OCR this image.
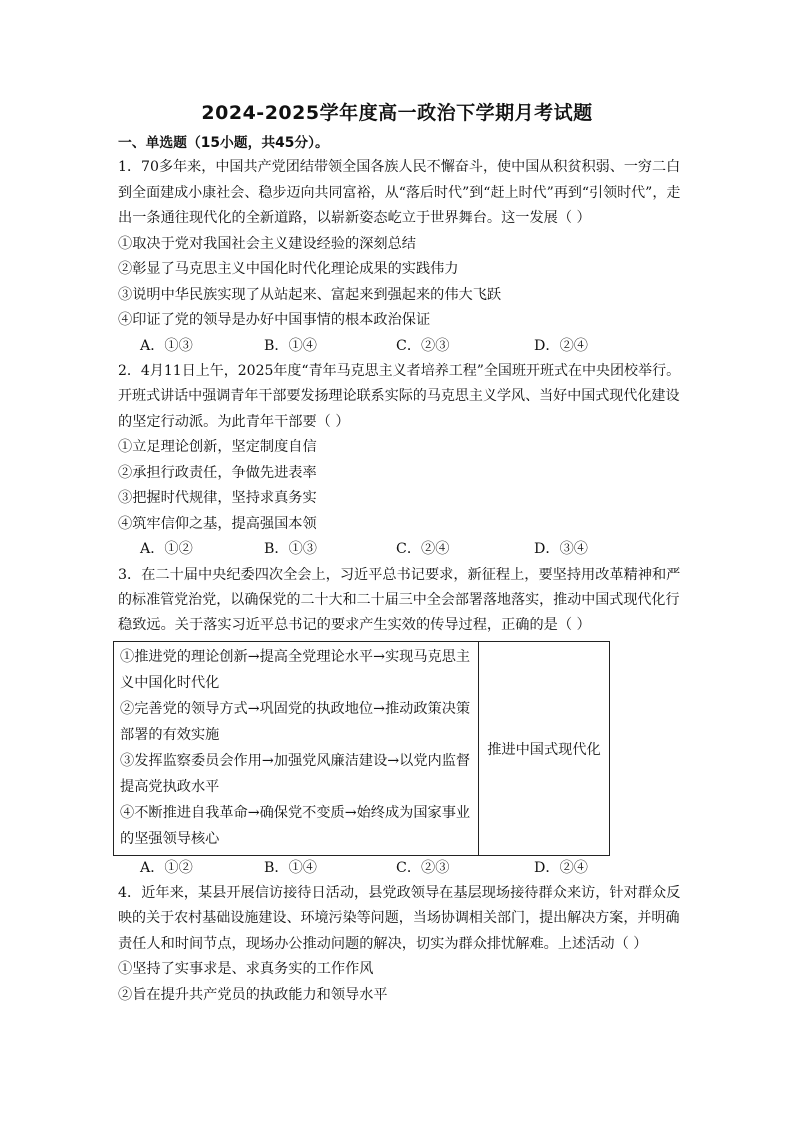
2024-2025学年度高一政治下学期月考试题
一、单选题（15小题，共45分）。
1．70多年来，中国共产党团结带领全国各族人民不懈奋斗，使中国从积贫积弱、一穷二白
到全面建成小康社会、稳步迈向共同富裕，从“落后时代”到“赶上时代”再到“引领时代”，走
出一条通往现代化的全新道路，以崭新姿态屹立于世界舞台。这一发展（ ）
①取决于党对我国社会主义建设经验的深刻总结
②彰显了马克思主义中国化时代化理论成果的实践伟力
③说明中华民族实现了从站起来、富起来到强起来的伟大飞跃
④印证了党的领导是办好中国事情的根本政治保证
A．①③	B．①④	C．②③	D．②④
2．4月11日上午，2025年度“青年马克思主义者培养工程”全国班开班式在中央团校举行。
开班式讲话中强调青年干部要发扬理论联系实际的马克思主义学风、当好中国式现代化建设
的坚定行动派。为此青年干部要（ ）
①立足理论创新，坚定制度自信
②承担行政责任，争做先进表率
③把握时代规律，坚持求真务实
④筑牢信仰之基，提高强国本领
A．①②	B．①③	C．②④	D．③④
3．在二十届中央纪委四次全会上，习近平总书记要求，新征程上，要坚持用改革精神和严
的标准管党治党，以确保党的二十大和二十届三中全会部署落地落实，推动中国式现代化行
稳致远。关于落实习近平总书记的要求产生实效的传导过程，正确的是（ ）
①推进党的理论创新→提高全党理论水平→实现马克思主
义中国化时代化
②完善党的领导方式→巩固党的执政地位→推动政策决策
部署的有效实施
③发挥监察委员会作用→加强党风廉洁建设→以党内监督
提高党执政水平
④不断推进自我革命→确保党不变质→始终成为国家事业
的坚强领导核心
推进中国式现代化
A．①②	B．①④	C．②③	D．②④
4．近年来，某县开展信访接待日活动，县党政领导在基层现场接待群众来访，针对群众反
映的关于农村基础设施建设、环境污染等问题，当场协调相关部门，提出解决方案，并明确
责任人和时间节点，现场办公推动问题的解决，切实为群众排忧解难。上述活动（ ）
①坚持了实事求是、求真务实的工作作风
②旨在提升共产党员的执政能力和领导水平
